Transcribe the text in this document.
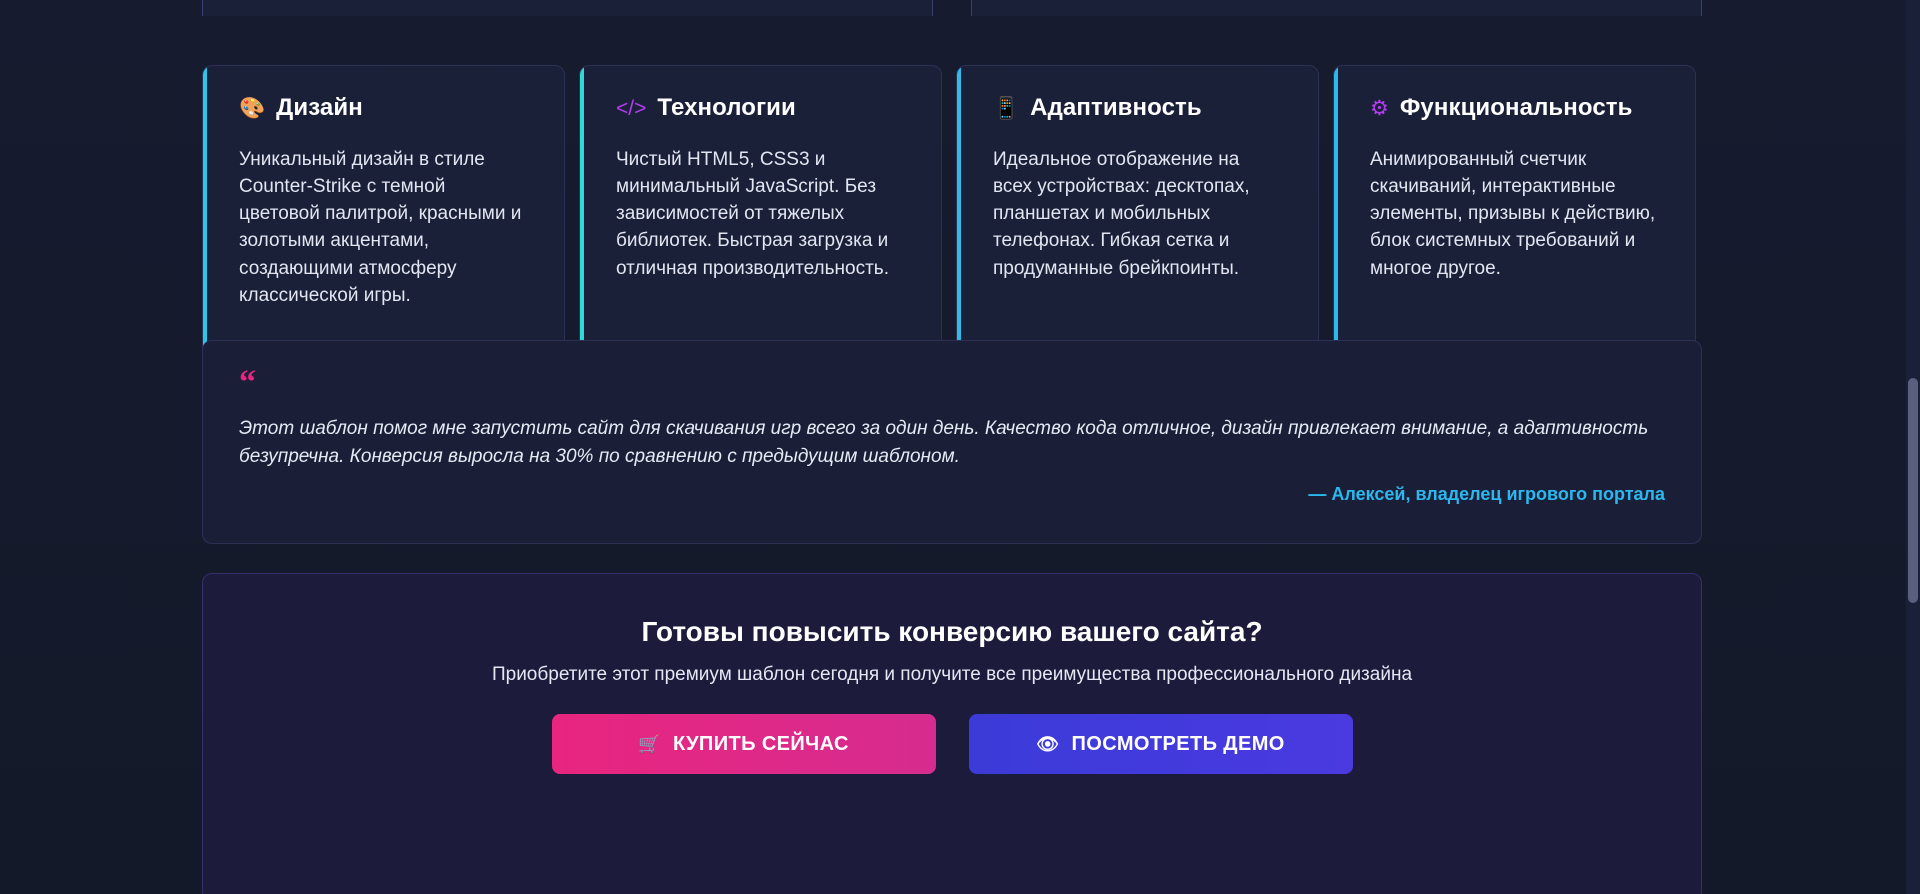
🎨 Дизайн
Уникальный дизайн в стиле Counter-Strike с темной цветовой палитрой, красными и золотыми акцентами, создающими атмосферу классической игры.
</> Технологии
Чистый HTML5, CSS3 и минимальный JavaScript. Без зависимостей от тяжелых библиотек. Быстрая загрузка и отличная производительность.
📱 Адаптивность
Идеальное отображение на всех устройствах: десктопах, планшетах и мобильных телефонах. Гибкая сетка и продуманные брейкпоинты.
⚙ Функциональность
Анимированный счетчик скачиваний, интерактивные элементы, призывы к действию, блок системных требований и многое другое.
“
Этот шаблон помог мне запустить сайт для скачивания игр всего за один день. Качество кода отличное, дизайн привлекает внимание, а адаптивность безупречна. Конверсия выросла на 30% по сравнению с предыдущим шаблоном.
— Алексей, владелец игрового портала
Готовы повысить конверсию вашего сайта?
Приобретите этот премиум шаблон сегодня и получите все преимущества профессионального дизайна
🛒 КУПИТЬ СЕЙЧАС	👁 ПОСМОТРЕТЬ ДЕМО
